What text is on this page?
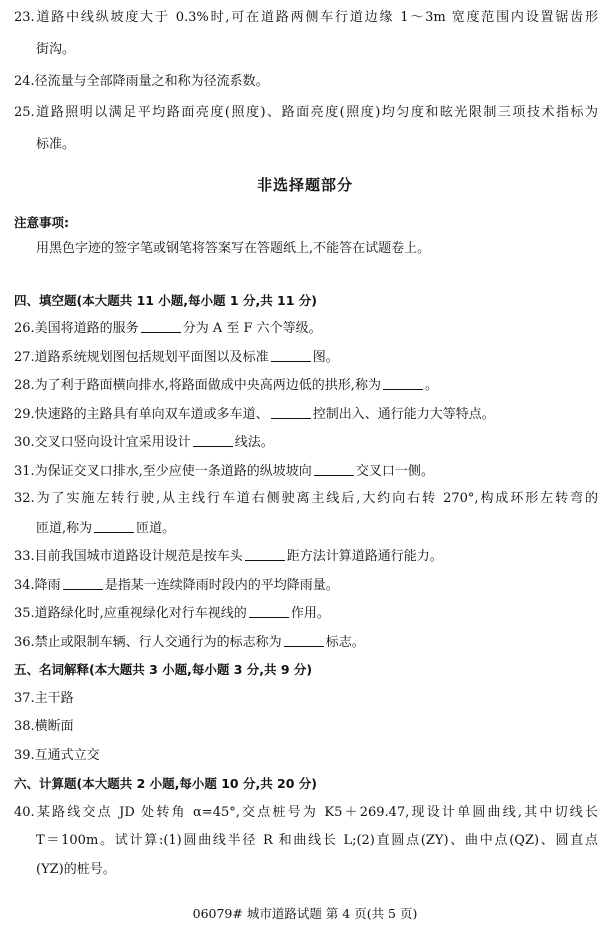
23.道路中线纵坡度大于 0.3%时,可在道路两侧车行道边缘 1～3m 宽度范围内设置锯齿形
街沟。
24.径流量与全部降雨量之和称为径流系数。
25.道路照明以满足平均路面亮度(照度)、路面亮度(照度)均匀度和眩光限制三项技术指标为
标准。
非选择题部分
注意事项:
用黑色字迹的签字笔或钢笔将答案写在答题纸上,不能答在试题卷上。
四、填空题(本大题共 11 小题,每小题 1 分,共 11 分)
26.美国将道路的服务	分为 A 至 F 六个等级。
27.道路系统规划图包括规划平面图以及标准	图。
28.为了利于路面横向排水,将路面做成中央高两边低的拱形,称为	。
29.快速路的主路具有单向双车道或多车道、	控制出入、通行能力大等特点。
30.交叉口竖向设计宜采用设计	线法。
31.为保证交叉口排水,至少应使一条道路的纵坡坡向	交叉口一侧。
32.为了实施左转行驶,从主线行车道右侧驶离主线后,大约向右转 270°,构成环形左转弯的
匝道,称为	匝道。
33.目前我国城市道路设计规范是按车头	距方法计算道路通行能力。
34.降雨	是指某一连续降雨时段内的平均降雨量。
35.道路绿化时,应重视绿化对行车视线的	作用。
36.禁止或限制车辆、行人交通行为的标志称为	标志。
五、名词解释(本大题共 3 小题,每小题 3 分,共 9 分)
37.主干路
38.横断面
39.互通式立交
六、计算题(本大题共 2 小题,每小题 10 分,共 20 分)
40.某路线交点 JD 处转角 α=45°,交点桩号为 K5＋269.47,现设计单圆曲线,其中切线长
T＝100m。试计算:(1)圆曲线半径 R 和曲线长 L;(2)直圆点(ZY)、曲中点(QZ)、圆直点
(YZ)的桩号。
06079# 城市道路试题 第 4 页(共 5 页)
